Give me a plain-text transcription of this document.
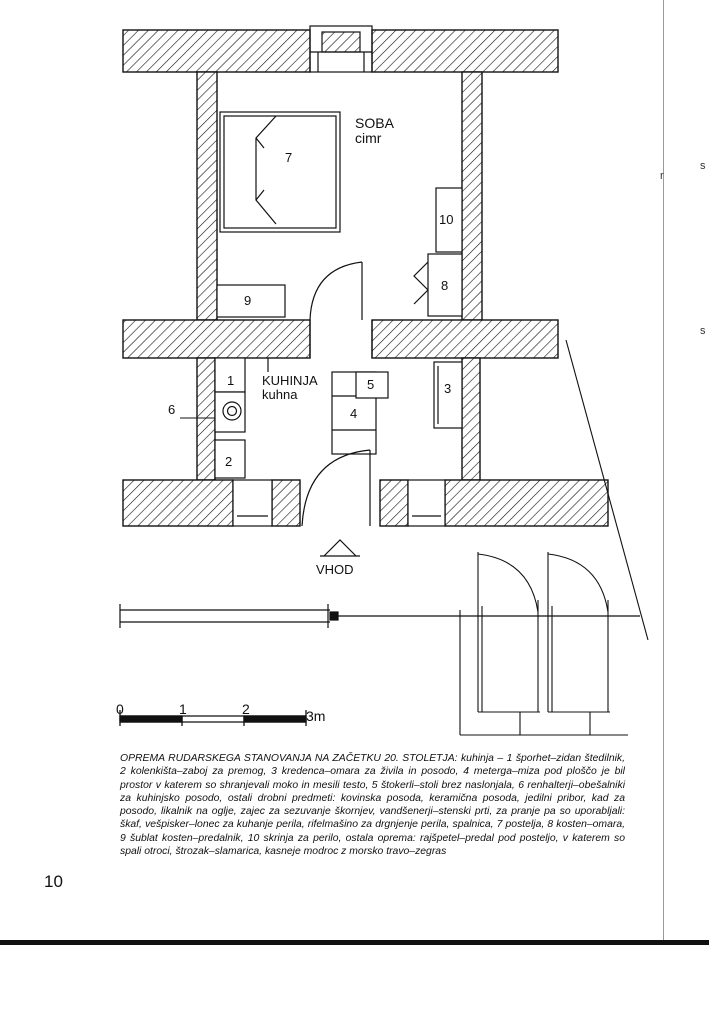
SOBA
cimr
KUHINJA
kuhna
VHOD
1
2
3
4
5
6
7
8
9
10
0	1	2	3m
s
r
s
OPREMA RUDARSKEGA STANOVANJA NA ZAČETKU 20. STOLETJA: kuhinja – 1 šporhet–zidan štedilnik, 2 kolenkišta–zaboj za premog, 3 kredenca–omara za živila in posodo, 4 meterga–miza pod ploščo je bil prostor v katerem so shranjevali moko in mesili testo, 5 štokerli–stoli brez naslonjala, 6 renhalterji–obešalniki za kuhinjsko posodo, ostali drobni predmeti: kovinska posoda, keramična posoda, jedilni pribor, kad za posodo, likalnik na oglje, zajec za sezuvanje škornjev, vandšenerji–stenski prti, za pranje pa so uporabljali: škaf, vešpisker–lonec za kuhanje perila, rifelmašino za drgnjenje perila, spalnica, 7 postelja, 8 kosten–omara, 9 šublat kosten–predalnik, 10 skrinja za perilo, ostala oprema: rajšpetel–predal pod posteljo, v katerem so spali otroci, štrozak–slamarica, kasneje modroc z morsko travo–zegras
10
